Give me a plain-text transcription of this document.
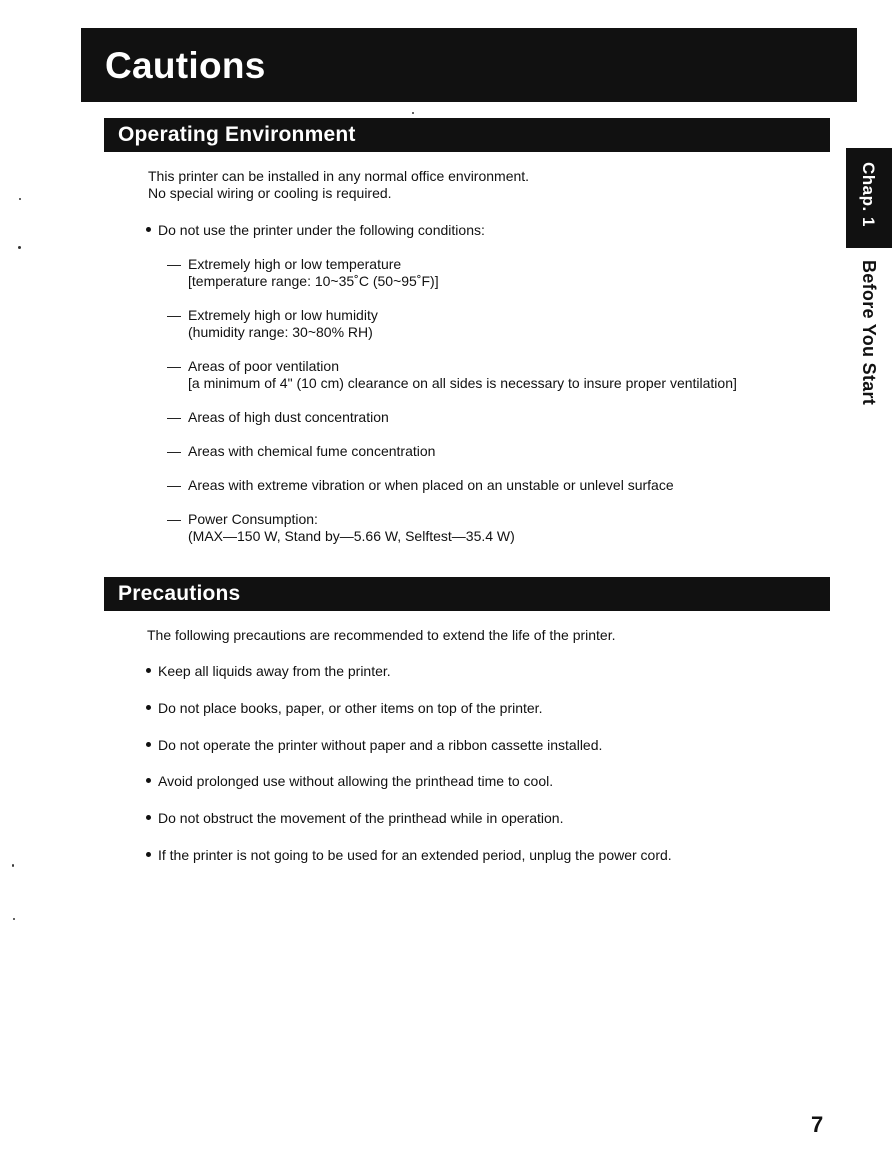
Cautions
Chap. 1
Before You Start
Operating Environment
This printer can be installed in any normal office environment.
No special wiring or cooling is required.
Do not use the printer under the following conditions:
— Extremely high or low temperature
[temperature range: 10~35˚C (50~95˚F)]
— Extremely high or low humidity
(humidity range: 30~80% RH)
— Areas of poor ventilation
[a minimum of 4" (10 cm) clearance on all sides is necessary to insure proper ventilation]
— Areas of high dust concentration
— Areas with chemical fume concentration
— Areas with extreme vibration or when placed on an unstable or unlevel surface
— Power Consumption:
(MAX—150 W, Stand by—5.66 W, Selftest—35.4 W)
Precautions
The following precautions are recommended to extend the life of the printer.
Keep all liquids away from the printer.
Do not place books, paper, or other items on top of the printer.
Do not operate the printer without paper and a ribbon cassette installed.
Avoid prolonged use without allowing the printhead time to cool.
Do not obstruct the movement of the printhead while in operation.
If the printer is not going to be used for an extended period, unplug the power cord.
7
